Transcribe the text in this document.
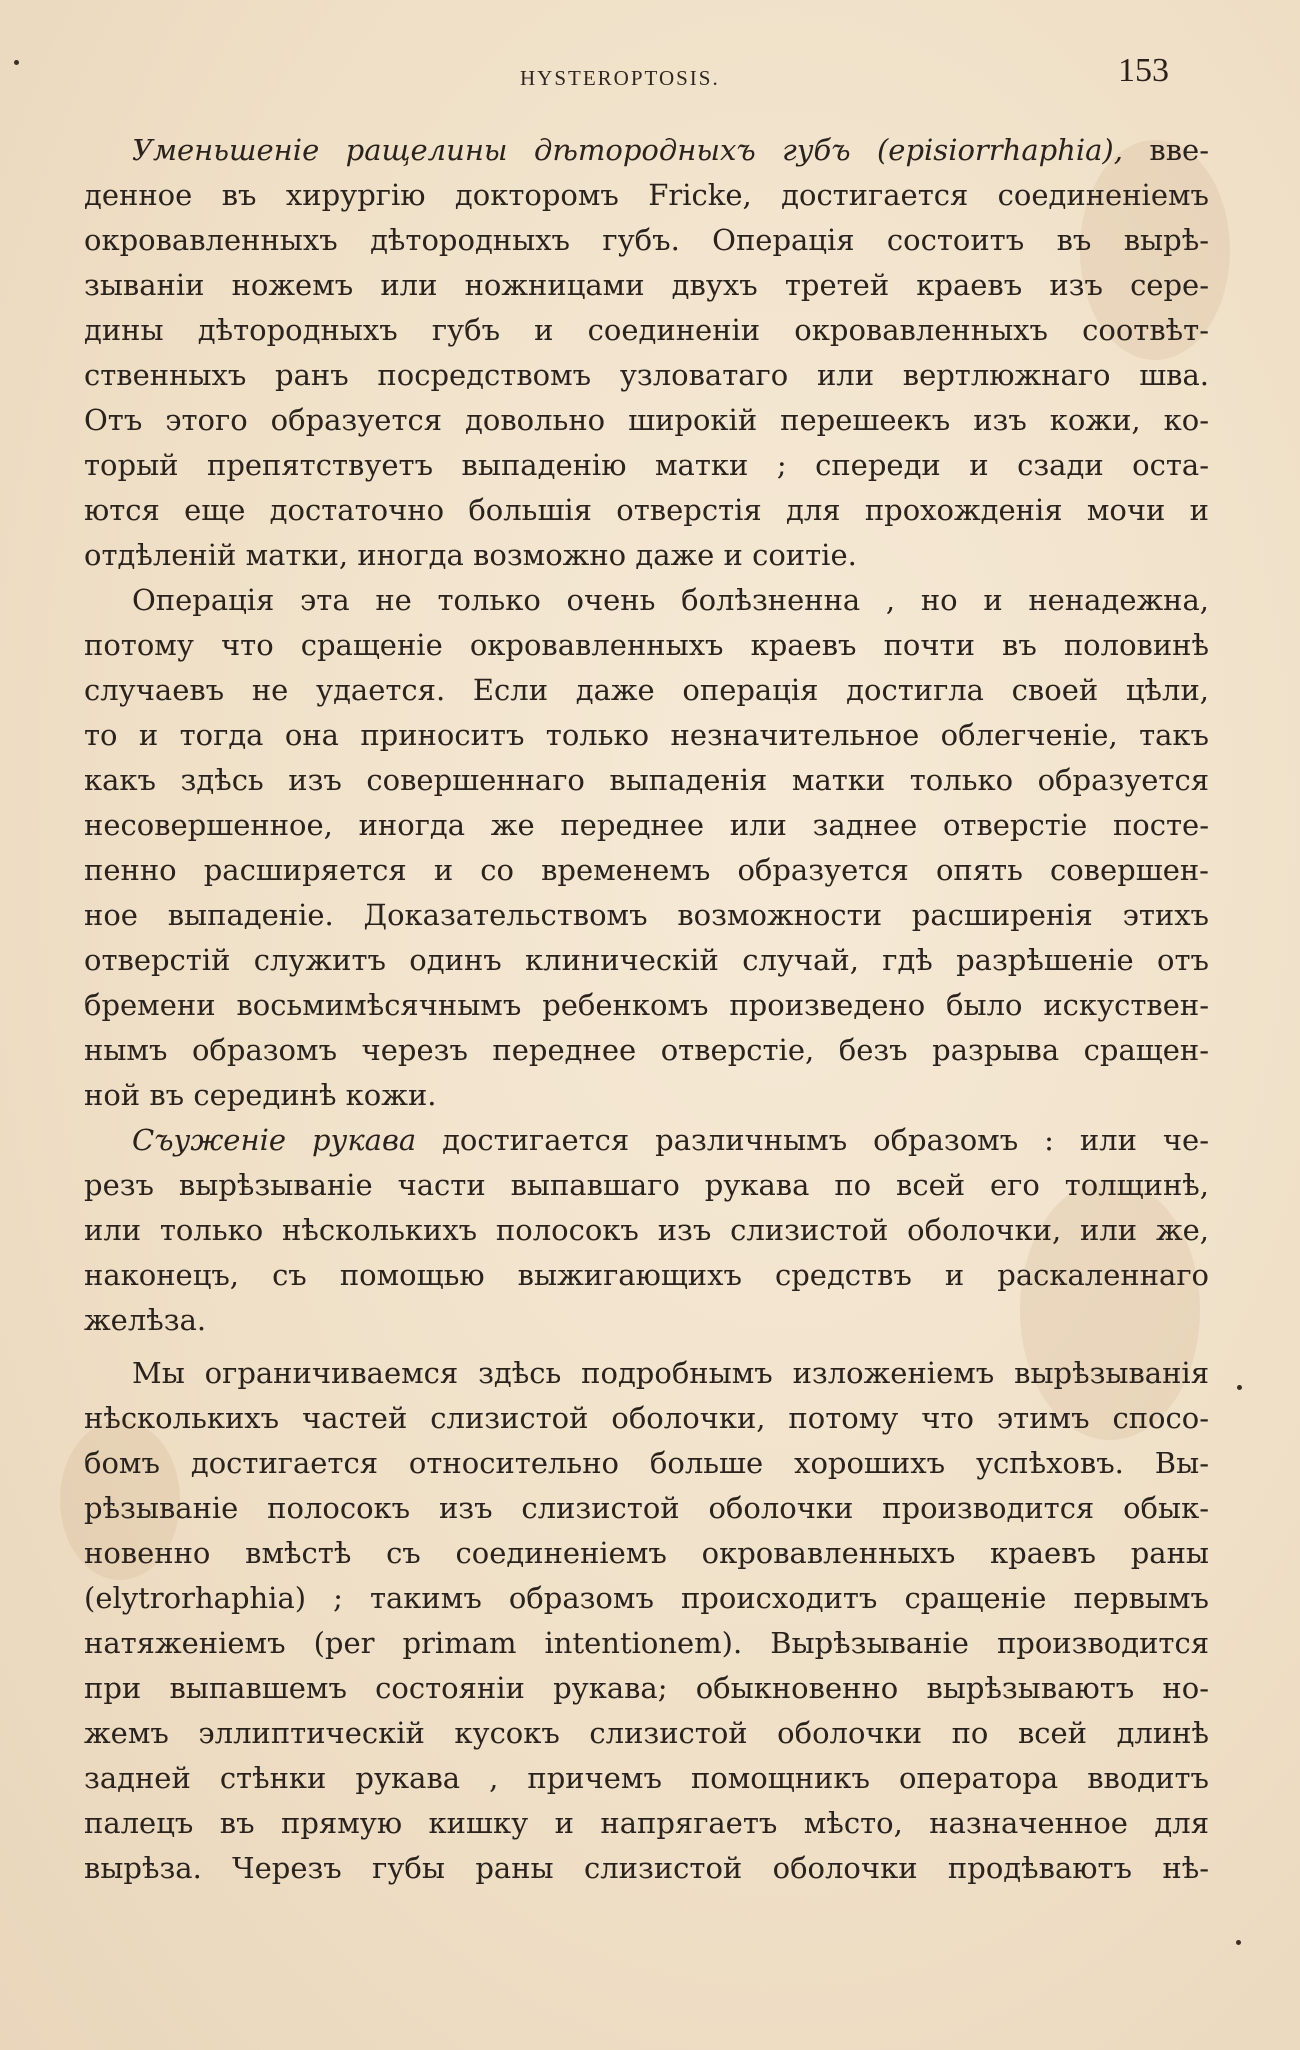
HYSTEROPTOSIS.	153
Уменьшенiе ращелины дѣтородныхъ губъ (episiorrhaphia), вве-
денное въ хирургiю докторомъ Fricke, достигается соединенiемъ
окровавленныхъ дѣтородныхъ губъ. Операцiя состоитъ въ вырѣ-
зываніи ножемъ или ножницами двухъ третей краевъ изъ сере-
дины дѣтородныхъ губъ и соединенiи окровавленныхъ соотвѣт-
ственныхъ ранъ посредствомъ узловатаго или вертлюжнаго шва.
Отъ этого образуется довольно широкiй перешеекъ изъ кожи, ко-
торый препятствуетъ выпаденiю матки ; спереди и сзади оста-
ются еще достаточно большiя отверстiя для прохожденiя мочи и
отдѣленiй матки, иногда возможно даже и соитiе.
Операцiя эта не только очень болѣзненна , но и ненадежна,
потому что сращенiе окровавленныхъ краевъ почти въ половинѣ
случаевъ не удается. Если даже операцiя достигла своей цѣли,
то и тогда она приноситъ только незначительное облегченiе, такъ
какъ здѣсь изъ совершеннаго выпаденiя матки только образуется
несовершенное, иногда же переднее или заднее отверстiе посте-
пенно расширяется и со временемъ образуется опять совершен-
ное выпаденiе. Доказательствомъ возможности расширенiя этихъ
отверстiй служитъ одинъ клиническiй случай, гдѣ разрѣшенiе отъ
бремени восьмимѣсячнымъ ребенкомъ произведено было искуствен-
нымъ образомъ черезъ переднее отверстiе, безъ разрыва сращен-
ной въ серединѣ кожи.
Съуженiе рукава достигается различнымъ образомъ : или че-
резъ вырѣзыванiе части выпавшаго рукава по всей его толщинѣ,
или только нѣсколькихъ полосокъ изъ слизистой оболочки, или же,
наконецъ, съ помощью выжигающихъ средствъ и раскаленнаго
желѣза.
Мы ограничиваемся здѣсь подробнымъ изложенiемъ вырѣзыванiя
нѣсколькихъ частей слизистой оболочки, потому что этимъ спосо-
бомъ достигается относительно больше хорошихъ успѣховъ. Вы-
рѣзыванiе полосокъ изъ слизистой оболочки производится обык-
новенно вмѣстѣ съ соединенiемъ окровавленныхъ краевъ раны
(elytrorhaphia) ; такимъ образомъ происходитъ сращенiе первымъ
натяженiемъ (per primam intentionem). Вырѣзыванiе производится
при выпавшемъ состоянiи рукава; обыкновенно вырѣзываютъ но-
жемъ эллиптическiй кусокъ слизистой оболочки по всей длинѣ
задней стѣнки рукава , причемъ помощникъ оператора вводитъ
палецъ въ прямую кишку и напрягаетъ мѣсто, назначенное для
вырѣза. Черезъ губы раны слизистой оболочки продѣваютъ нѣ-
